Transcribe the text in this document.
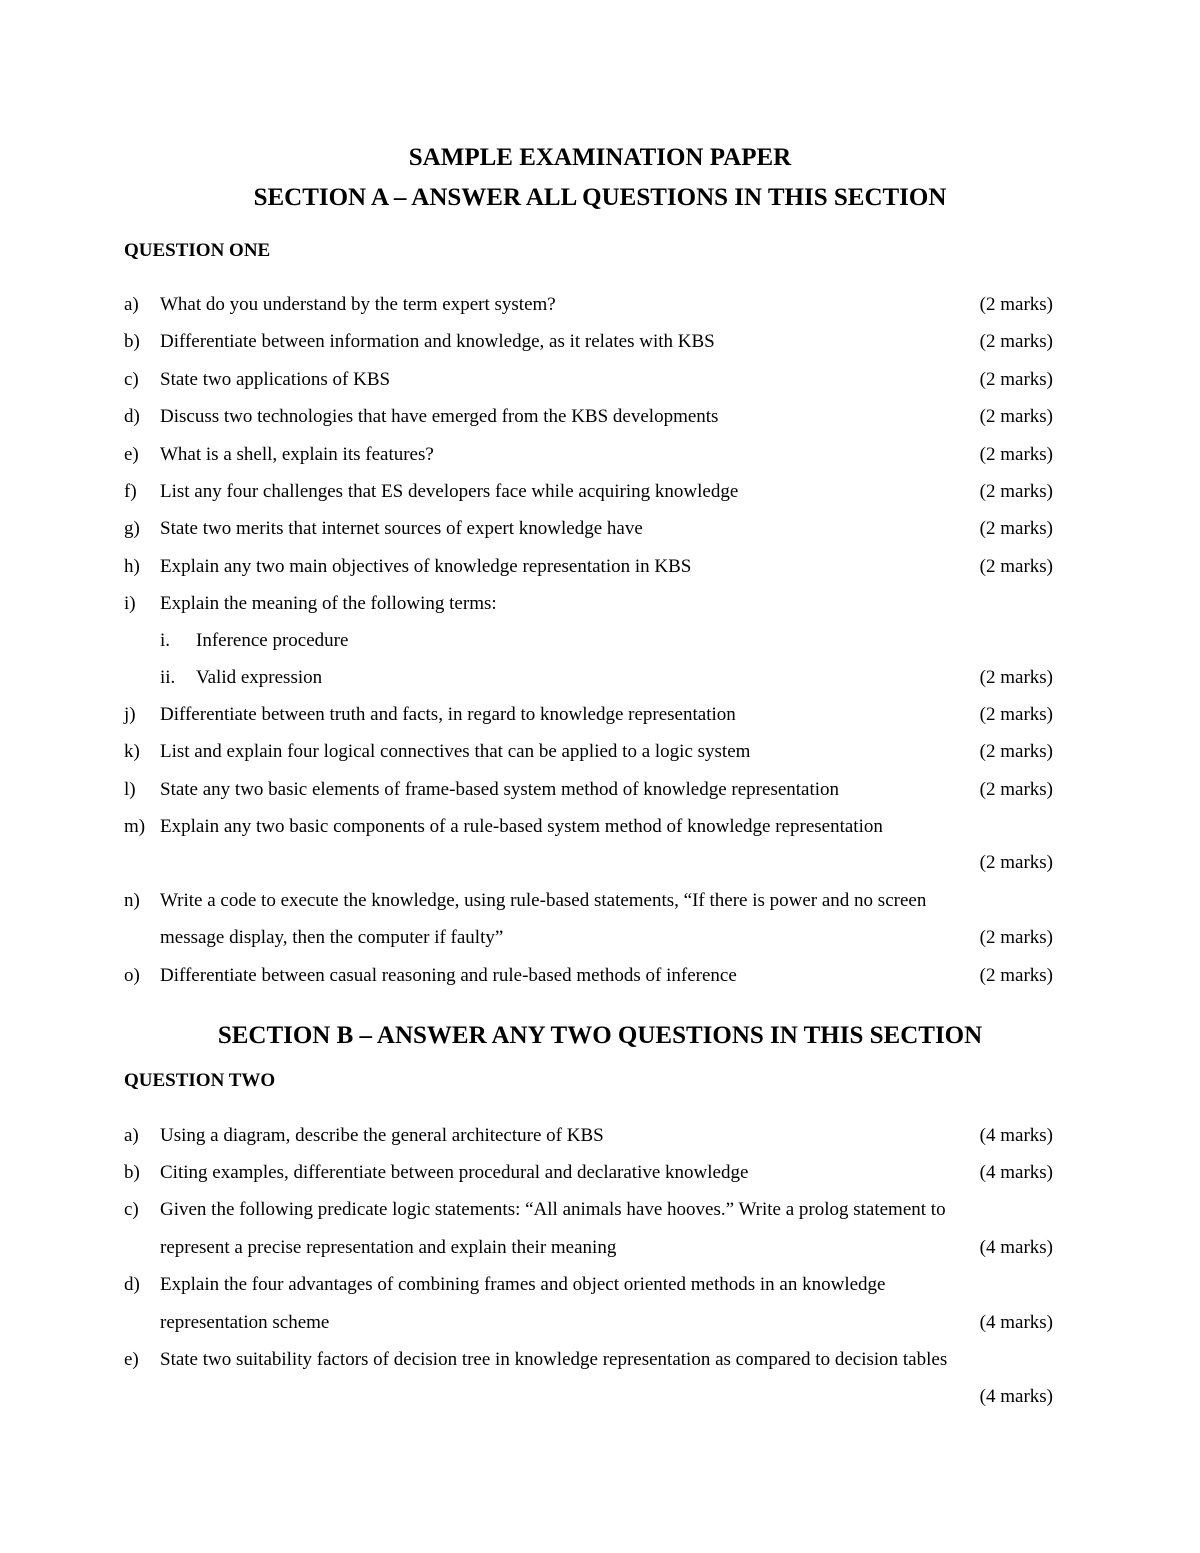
SAMPLE EXAMINATION PAPER
SECTION A – ANSWER ALL QUESTIONS IN THIS SECTION
QUESTION ONE
a) What do you understand by the term expert system?	(2 marks)
b) Differentiate between information and knowledge, as it relates with KBS	(2 marks)
c) State two applications of KBS	(2 marks)
d) Discuss two technologies that have emerged from the KBS developments	(2 marks)
e) What is a shell, explain its features?	(2 marks)
f) List any four challenges that ES developers face while acquiring knowledge	(2 marks)
g) State two merits that internet sources of expert knowledge have	(2 marks)
h) Explain any two main objectives of knowledge representation in KBS	(2 marks)
i) Explain the meaning of the following terms:
i. Inference procedure
ii. Valid expression	(2 marks)
j) Differentiate between truth and facts, in regard to knowledge representation	(2 marks)
k) List and explain four logical connectives that can be applied to a logic system	(2 marks)
l) State any two basic elements of frame-based system method of knowledge representation	(2 marks)
m) Explain any two basic components of a rule-based system method of knowledge representation
(2 marks)
n) Write a code to execute the knowledge, using rule-based statements, “If there is power and no screen
message display, then the computer if faulty”	(2 marks)
o) Differentiate between casual reasoning and rule-based methods of inference	(2 marks)
SECTION B – ANSWER ANY TWO QUESTIONS IN THIS SECTION
QUESTION TWO
a) Using a diagram, describe the general architecture of KBS	(4 marks)
b) Citing examples, differentiate between procedural and declarative knowledge	(4 marks)
c) Given the following predicate logic statements: “All animals have hooves.” Write a prolog statement to
represent a precise representation and explain their meaning	(4 marks)
d) Explain the four advantages of combining frames and object oriented methods in an knowledge
representation scheme	(4 marks)
e) State two suitability factors of decision tree in knowledge representation as compared to decision tables
(4 marks)
